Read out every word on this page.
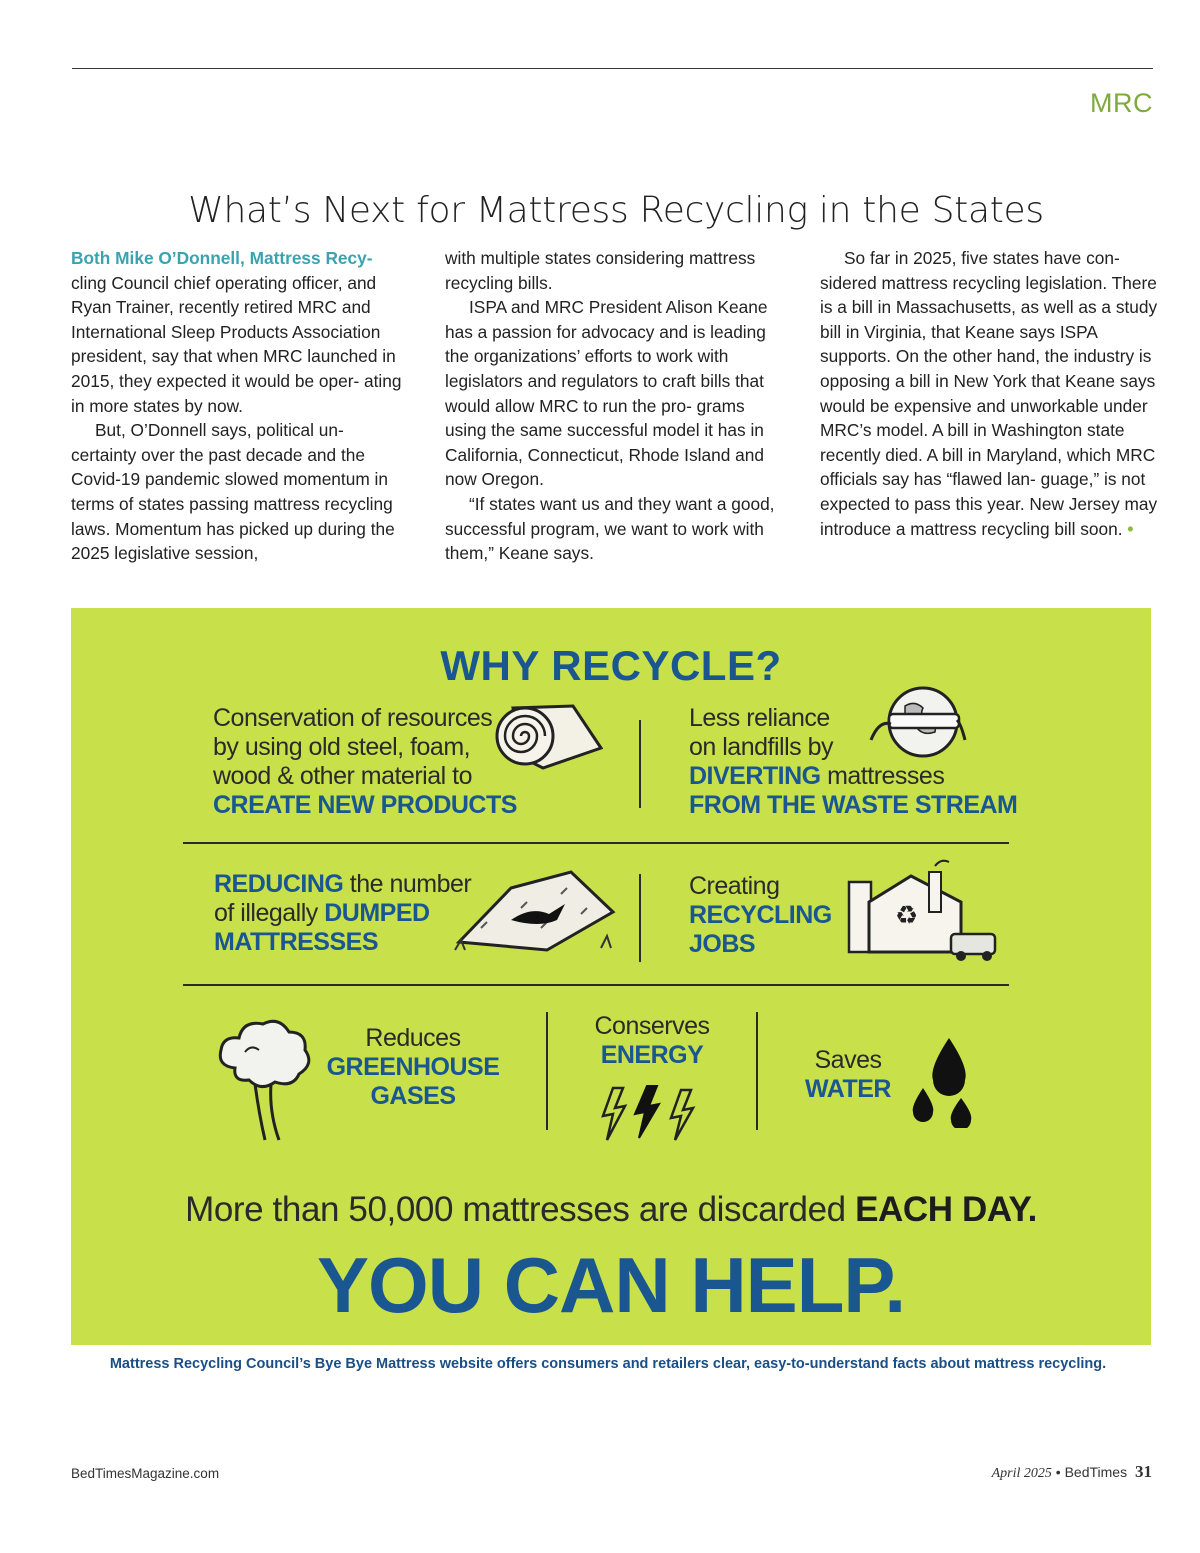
MRC
What’s Next for Mattress Recycling in the States

Both Mike O’Donnell, Mattress Recy- cling Council chief operating officer, and Ryan Trainer, recently retired MRC and International Sleep Products Association president, say that when MRC launched in 2015, they expected it would be oper- ating in more states by now.

But, O’Donnell says, political un- certainty over the past decade and the Covid-19 pandemic slowed momentum in terms of states passing mattress recycling laws. Momentum has picked up during the 2025 legislative session,

with multiple states considering mattress recycling bills.

ISPA and MRC President Alison Keane has a passion for advocacy and is leading the organizations’ efforts to work with legislators and regulators to craft bills that would allow MRC to run the pro- grams using the same successful model it has in California, Connecticut, Rhode Island and now Oregon.

“If states want us and they want a good, successful program, we want to work with them,” Keane says.

So far in 2025, five states have con- sidered mattress recycling legislation. There is a bill in Massachusetts, as well as a study bill in Virginia, that Keane says ISPA supports. On the other hand, the industry is opposing a bill in New York that Keane says would be expensive and unworkable under MRC’s model. A bill in Washington state recently died. A bill in Maryland, which MRC officials say has “flawed lan- guage,” is not expected to pass this year. New Jersey may introduce a mattress recycling bill soon. •

WHY RECYCLE?
Conservation of resources
by using old steel, foam,
wood & other material to
CREATE NEW PRODUCTS
Less reliance
on landfills by
DIVERTING mattresses
FROM THE WASTE STREAM
REDUCING the number
of illegally DUMPED
MATTRESSES
Creating
RECYCLING
JOBS
♻
Reduces
GREENHOUSE
GASES
Conserves
ENERGY	Saves
WATER
More than 50,000 mattresses are discarded EACH DAY.
YOU CAN HELP.
Mattress Recycling Council’s Bye Bye Mattress website offers consumers and retailers clear, easy-to-understand facts about mattress recycling.
BedTimesMagazine.com	April 2025 • BedTimes 31
